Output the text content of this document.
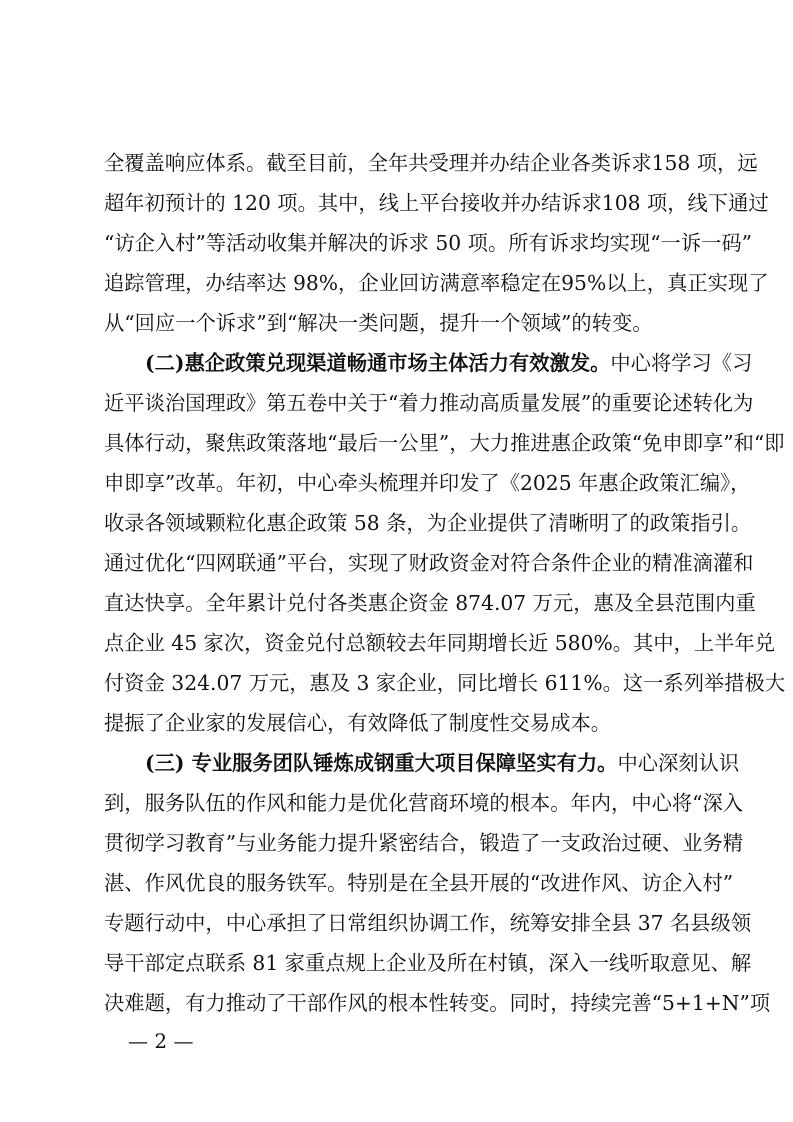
全覆盖响应体系。截至目前，全年共受理并办结企业各类诉求158 项，远
超年初预计的 120 项。其中，线上平台接收并办结诉求108 项，线下通过
“访企入村”等活动收集并解决的诉求 50 项。所有诉求均实现“一诉一码”
追踪管理，办结率达 98%，企业回访满意率稳定在95%以上，真正实现了
从“回应一个诉求”到“解决一类问题，提升一个领域”的转变。
(二)惠企政策兑现渠道畅通市场主体活力有效激发。中心将学习《习
近平谈治国理政》第五卷中关于“着力推动高质量发展”的重要论述转化为
具体行动，聚焦政策落地“最后一公里”，大力推进惠企政策“免申即享”和“即
申即享”改革。年初，中心牵头梳理并印发了《2025 年惠企政策汇编》，
收录各领域颗粒化惠企政策 58 条，为企业提供了清晰明了的政策指引。
通过优化“四网联通”平台，实现了财政资金对符合条件企业的精准滴灌和
直达快享。全年累计兑付各类惠企资金 874.07 万元，惠及全县范围内重
点企业 45 家次，资金兑付总额较去年同期增长近 580%。其中，上半年兑
付资金 324.07 万元，惠及 3 家企业，同比增长 611%。这一系列举措极大
提振了企业家的发展信心，有效降低了制度性交易成本。
(三) 专业服务团队锤炼成钢重大项目保障坚实有力。中心深刻认识
到，服务队伍的作风和能力是优化营商环境的根本。年内，中心将“深入
贯彻学习教育”与业务能力提升紧密结合，锻造了一支政治过硬、业务精
湛、作风优良的服务铁军。特别是在全县开展的“改进作风、访企入村”
专题行动中，中心承担了日常组织协调工作，统筹安排全县 37 名县级领
导干部定点联系 81 家重点规上企业及所在村镇，深入一线听取意见、解
决难题，有力推动了干部作风的根本性转变。同时，持续完善“5+1+N”项
— 2 —
